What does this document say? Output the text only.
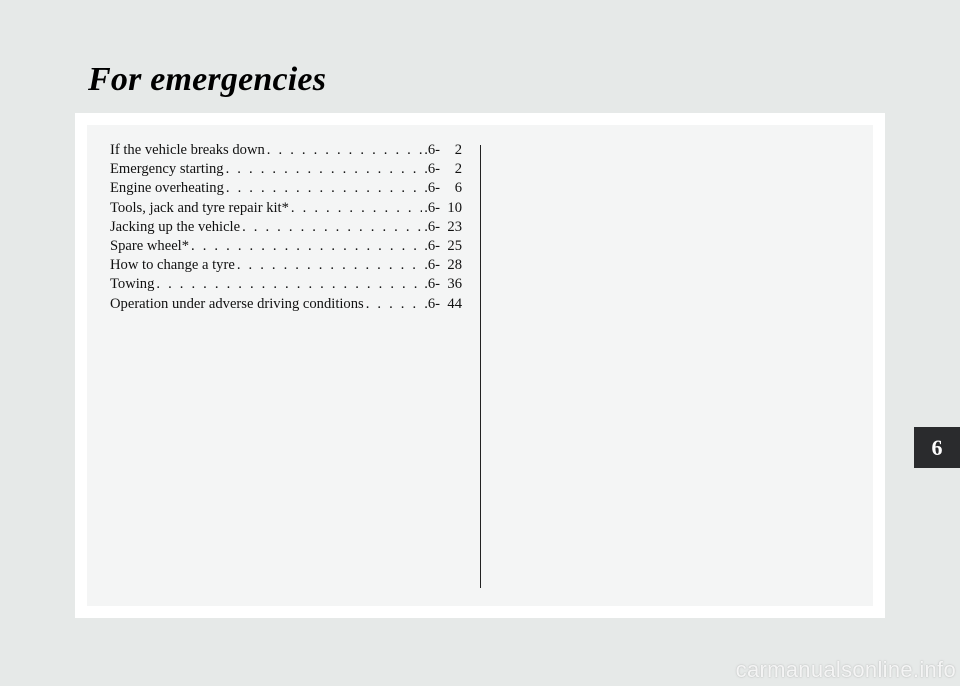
For emergencies
If the vehicle breaks down . . .	.6-	2
Emergency starting . . .	.6-	2
Engine overheating . . .	.6-	6
Tools, jack and tyre repair kit* . . .	.6- 10
Jacking up the vehicle . . .	.6- 23
Spare wheel* . . .	.6- 25
How to change a tyre . . .	.6- 28
Towing . . .	.6- 36
Operation under adverse driving conditions . . .	.6- 44
6
carmanualsonline.info
